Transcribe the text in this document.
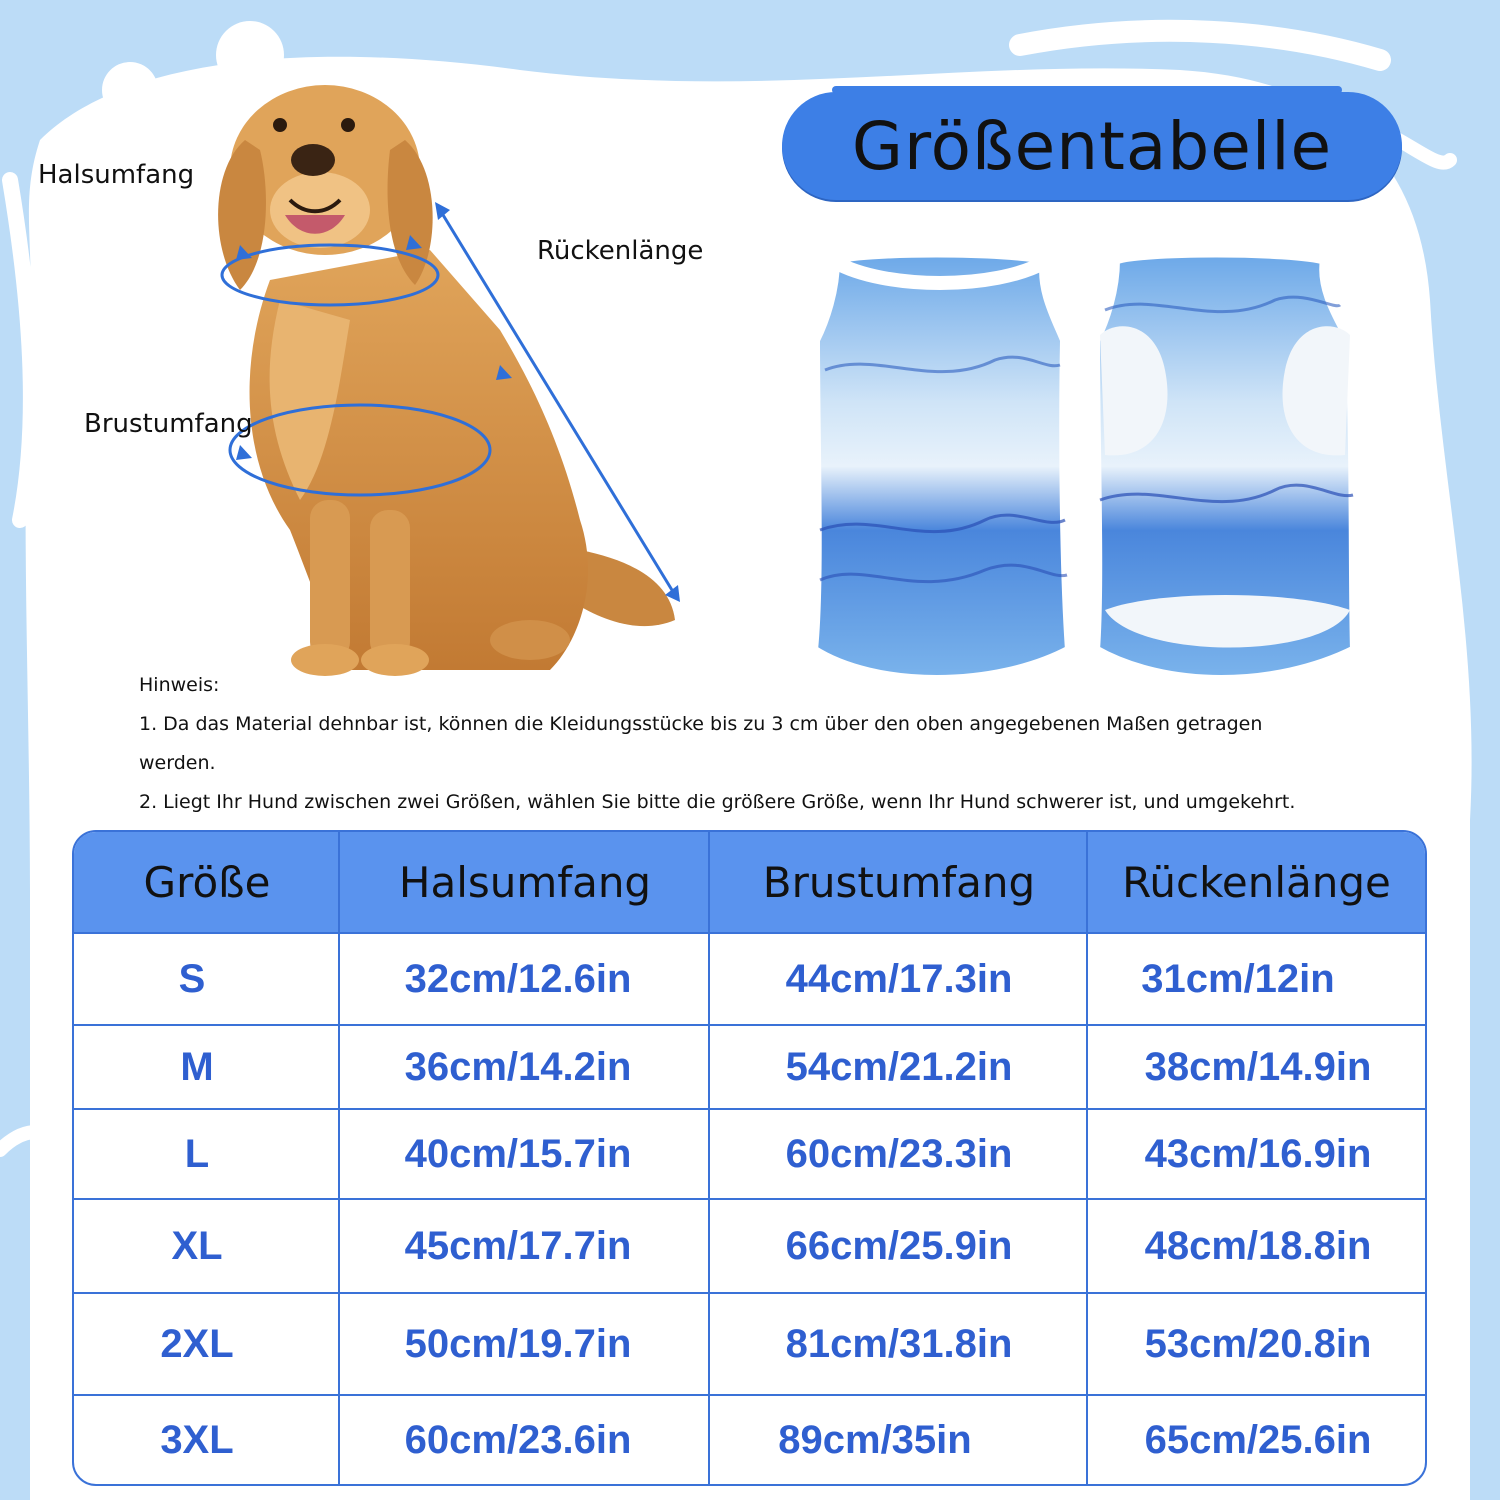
Größentabelle
Halsumfang
Rückenlänge
Brustumfang
Hinweis:
1. Da das Material dehnbar ist, können die Kleidungsstücke bis zu 3 cm über den oben angegebenen Maßen getragen
werden.
2. Liegt Ihr Hund zwischen zwei Größen, wählen Sie bitte die größere Größe, wenn Ihr Hund schwerer ist, und umgekehrt.
Größe	Halsumfang	Brustumfang	Rückenlänge
S	32cm/12.6in	44cm/17.3in	31cm/12in
M	36cm/14.2in	54cm/21.2in	38cm/14.9in
L	40cm/15.7in	60cm/23.3in	43cm/16.9in
XL	45cm/17.7in	66cm/25.9in	48cm/18.8in
2XL	50cm/19.7in	81cm/31.8in	53cm/20.8in
3XL	60cm/23.6in	89cm/35in	65cm/25.6in
